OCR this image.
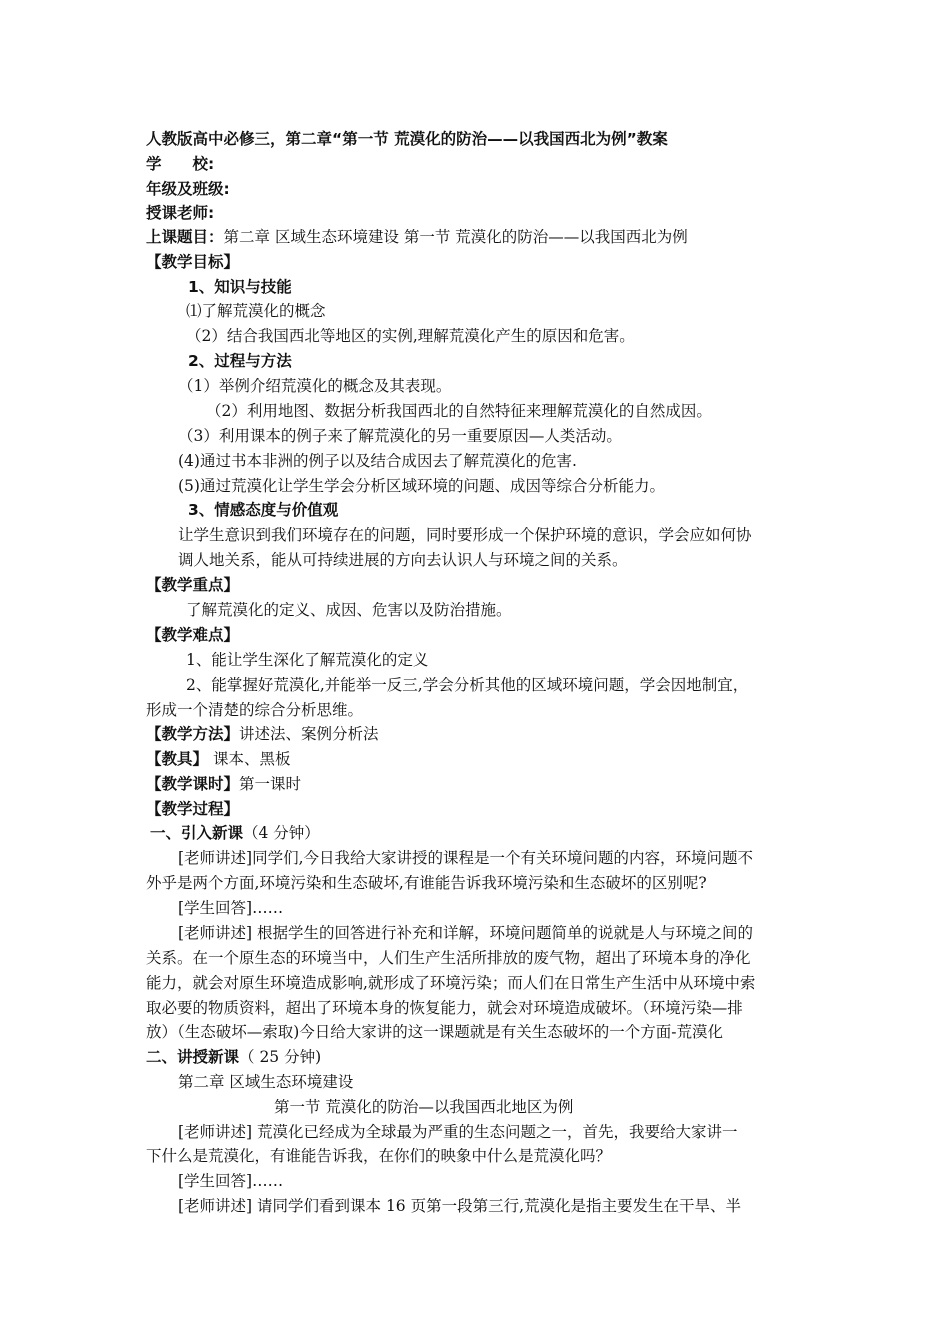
人教版高中必修三，第二章“第一节 荒漠化的防治——以我国西北为例”教案
学　　校:
年级及班级:
授课老师:
上课题目：第二章 区域生态环境建设 第一节 荒漠化的防治——以我国西北为例
【教学目标】
1、知识与技能
⑴了解荒漠化的概念
（2）结合我国西北等地区的实例,理解荒漠化产生的原因和危害。
2、过程与方法
（1）举例介绍荒漠化的概念及其表现。
（2）利用地图、数据分析我国西北的自然特征来理解荒漠化的自然成因。
（3）利用课本的例子来了解荒漠化的另一重要原因—人类活动。
(4)通过书本非洲的例子以及结合成因去了解荒漠化的危害.
(5)通过荒漠化让学生学会分析区域环境的问题、成因等综合分析能力。
3、情感态度与价值观
让学生意识到我们环境存在的问题，同时要形成一个保护环境的意识，学会应如何协
调人地关系，能从可持续进展的方向去认识人与环境之间的关系。
【教学重点】
了解荒漠化的定义、成因、危害以及防治措施。
【教学难点】
1、能让学生深化了解荒漠化的定义
2、能掌握好荒漠化,并能举一反三,学会分析其他的区域环境问题，学会因地制宜，
形成一个清楚的综合分析思维。
【教学方法】讲述法、案例分析法
【教具】 课本、黑板
【教学课时】第一课时
【教学过程】
一、引入新课（4 分钟）
[老师讲述]同学们,今日我给大家讲授的课程是一个有关环境问题的内容，环境问题不
外乎是两个方面,环境污染和生态破坏,有谁能告诉我环境污染和生态破坏的区别呢?
[学生回答]……
[老师讲述] 根据学生的回答进行补充和详解，环境问题简单的说就是人与环境之间的
关系。在一个原生态的环境当中，人们生产生活所排放的废气物，超出了环境本身的净化
能力，就会对原生环境造成影响,就形成了环境污染；而人们在日常生产生活中从环境中索
取必要的物质资料，超出了环境本身的恢复能力，就会对环境造成破坏。（环境污染—排
放）（生态破坏—索取)今日给大家讲的这一课题就是有关生态破坏的一个方面-荒漠化
二、讲授新课（ 25 分钟)
第二章 区域生态环境建设
第一节 荒漠化的防治—以我国西北地区为例
[老师讲述] 荒漠化已经成为全球最为严重的生态问题之一，首先，我要给大家讲一
下什么是荒漠化，有谁能告诉我，在你们的映象中什么是荒漠化吗？
[学生回答]……
[老师讲述] 请同学们看到课本 16 页第一段第三行,荒漠化是指主要发生在干旱、半
